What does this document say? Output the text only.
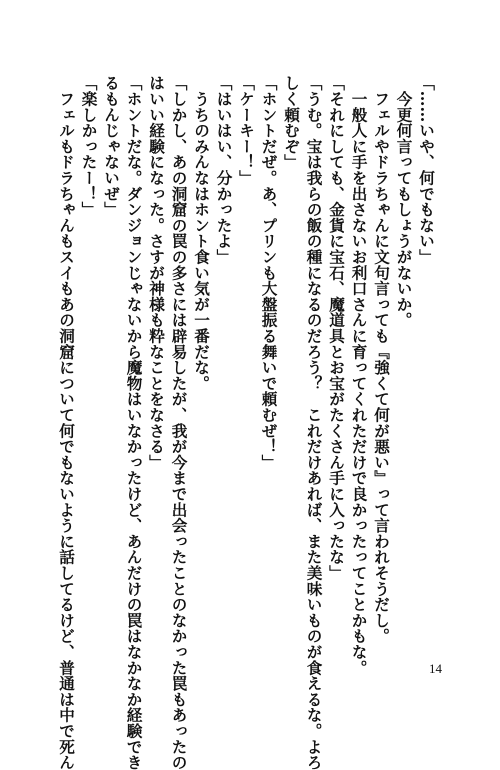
「……いや、何でもない」
　今更何言ってもしょうがないか。
　フェルやドラちゃんに文句言っても『強くて何が悪い』って言われそうだし。
　一般人に手を出さないお利口さんに育ってくれただけで良かったってことかもな。
「それにしても、金貨に宝石、魔道具とお宝がたくさん手に入ったな」
「うむ。宝は我らの飯の種になるのだろう？　これだけあれば、また美味いものが食えるな。よろ
しく頼むぞ」
「ホントだぜ。あ、プリンも大盤振る舞いで頼むぜ！」
「ケーキー！」
「はいはい、分かったよ」
　うちのみんなはホント食い気が一番だな。
「しかし、あの洞窟の罠の多さには辟易したが、我が今まで出会ったことのなかった罠もあったの
はいい経験になった。さすが神様も粋なことをなさる」
「ホントだな。ダンジョンじゃないから魔物はいなかったけど、あんだけの罠はなかなか経験でき
るもんじゃないぜ」
「楽しかったー！」
　フェルもドラちゃんもスイもあの洞窟について何でもないように話してるけど、普通は中で死ん	14
